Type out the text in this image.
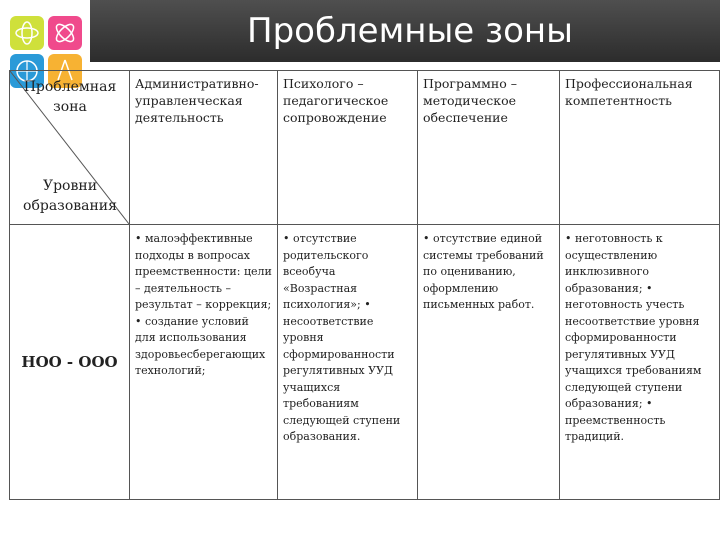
Проблемные зоны
Проблемная зона
Уровни образования	Административно-управленческая деятельность	Психолого – педагогическое сопровождение	Программно – методическое обеспечение	Профессиональная компетентность
НОО - ООО	• малоэффективные подходы в вопросах преемственности: цели – деятельность – результат – коррекция; • создание условий для использования здоровьесберегающих технологий;	• отсутствие родительского всеобуча «Возрастная психология»; • несоответствие уровня сформированности регулятивных УУД учащихся требованиям следующей ступени образования.	• отсутствие единой системы требований по оцениванию, оформлению письменных работ.	• неготовность к осуществлению инклюзивного образования; • неготовность учесть несоответствие уровня сформированности регулятивных УУД учащихся требованиям следующей ступени образования; • преемственность традиций.
